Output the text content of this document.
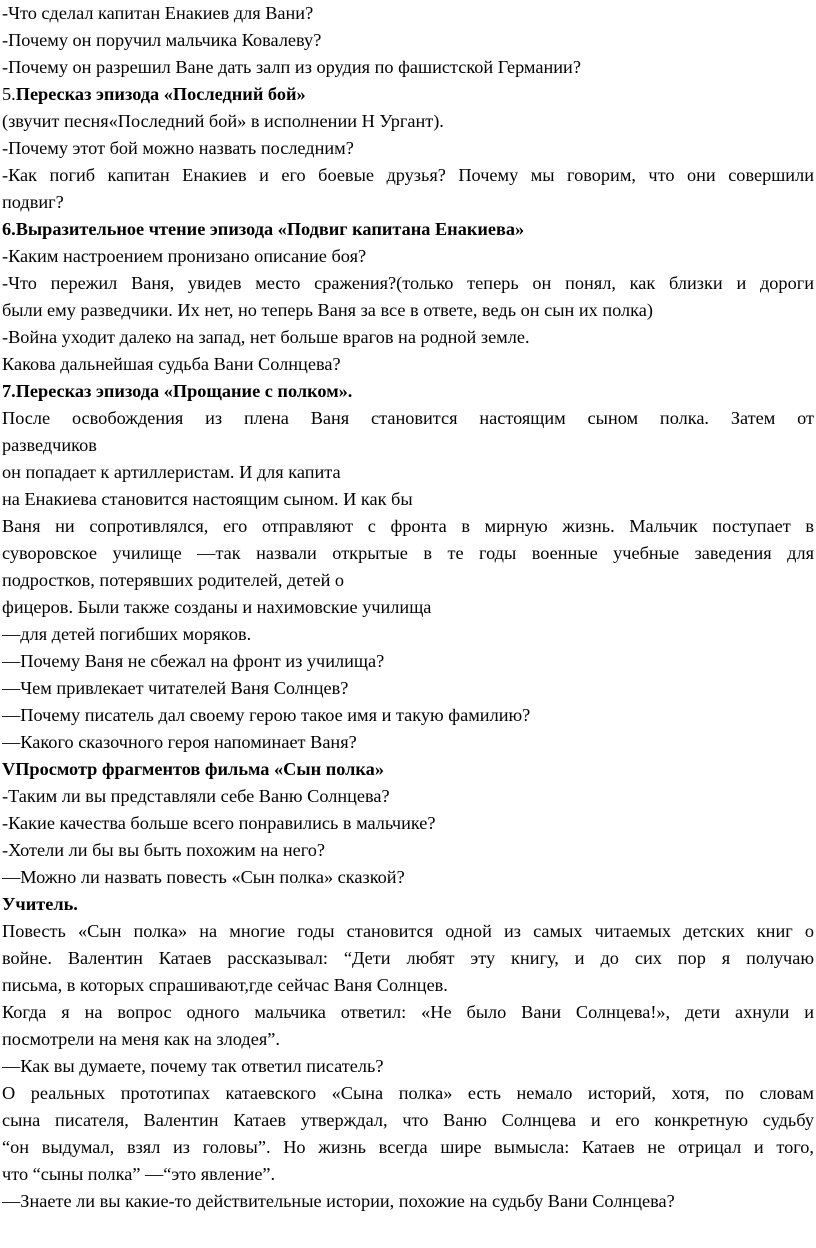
-Что сделал капитан Енакиев для Вани?
-Почему он поручил мальчика Ковалеву?
-Почему он разрешил Ване дать залп из орудия по фашистской Германии?
5.Пересказ эпизода «Последний бой»
(звучит песня«Последний бой» в исполнении Н Ургант).
-Почему этот бой можно назвать последним?
-Как погиб капитан Енакиев и его боевые друзья? Почему мы говорим, что они совершили
подвиг?
6.Выразительное чтение эпизода «Подвиг капитана Енакиева»
-Каким настроением пронизано описание боя?
-Что пережил Ваня, увидев место сражения?(только теперь он понял, как близки и дороги
были ему разведчики. Их нет, но теперь Ваня за все в ответе, ведь он сын их полка)
-Война уходит далеко на запад, нет больше врагов на родной земле.
Какова дальнейшая судьба Вани Солнцева?
7.Пересказ эпизода «Прощание с полком».
После освобождения из плена Ваня становится настоящим сыном полка. Затем от
разведчиков
он попадает к артиллеристам. И для капита
на Енакиева становится настоящим сыном. И как бы
Ваня ни сопротивлялся, его отправляют с фронта в мирную жизнь. Мальчик поступает в
суворовское училище —так назвали открытые в те годы военные учебные заведения для
подростков, потерявших родителей, детей о
фицеров. Были также созданы и нахимовские училища
—для детей погибших моряков.
—Почему Ваня не сбежал на фронт из училища?
—Чем привлекает читателей Ваня Солнцев?
—Почему писатель дал своему герою такое имя и такую фамилию?
—Какого сказочного героя напоминает Ваня?
VПросмотр фрагментов фильма «Сын полка»
-Таким ли вы представляли себе Ваню Солнцева?
-Какие качества больше всего понравились в мальчике?
-Хотели ли бы вы быть похожим на него?
—Можно ли назвать повесть «Сын полка» сказкой?
Учитель.
Повесть «Сын полка» на многие годы становится одной из самых читаемых детских книг о
войне. Валентин Катаев рассказывал: “Дети любят эту книгу, и до сих пор я получаю
письма, в которых спрашивают,где сейчас Ваня Солнцев.
Когда я на вопрос одного мальчика ответил: «Не было Вани Солнцева!», дети ахнули и
посмотрели на меня как на злодея”.
—Как вы думаете, почему так ответил писатель?
О реальных прототипах катаевского «Сына полка» есть немало историй, хотя, по словам
сына писателя, Валентин Катаев утверждал, что Ваню Солнцева и его конкретную судьбу
“он выдумал, взял из головы”. Но жизнь всегда шире вымысла: Катаев не отрицал и того,
что “сыны полка” —“это явление”.
—Знаете ли вы какие-то действительные истории, похожие на судьбу Вани Солнцева?
